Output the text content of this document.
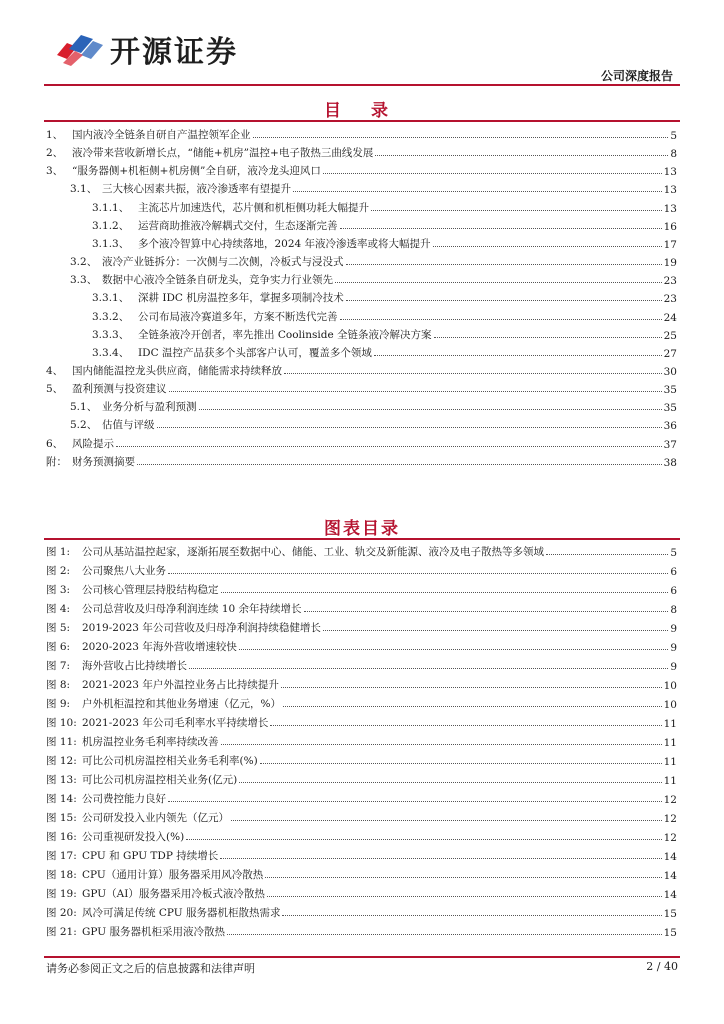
开源证券
公司深度报告
目 录
1、 国内液冷全链条自研自产温控领军企业	5
2、 液冷带来营收新增长点，“储能+机房”温控+电子散热三曲线发展	8
3、 “服务器侧+机柜侧+机房侧”全自研，液冷龙头迎风口	13
3.1、 三大核心因素共振，液冷渗透率有望提升	13
3.1.1、 主流芯片加速迭代，芯片侧和机柜侧功耗大幅提升	13
3.1.2、 运营商助推液冷解耦式交付，生态逐渐完善	16
3.1.3、 多个液冷智算中心持续落地，2024 年液冷渗透率或将大幅提升	17
3.2、 液冷产业链拆分：一次侧与二次侧，冷板式与浸没式	19
3.3、 数据中心液冷全链条自研龙头，竞争实力行业领先	23
3.3.1、 深耕 IDC 机房温控多年，掌握多项制冷技术	23
3.3.2、 公司布局液冷赛道多年，方案不断迭代完善	24
3.3.3、 全链条液冷开创者，率先推出 Coolinside 全链条液冷解决方案	25
3.3.4、 IDC 温控产品获多个头部客户认可，覆盖多个领域	27
4、 国内储能温控龙头供应商，储能需求持续释放	30
5、 盈利预测与投资建议	35
5.1、 业务分析与盈利预测	35
5.2、 估值与评级	36
6、 风险提示	37
附： 财务预测摘要	38
图表目录
图 1:	公司从基站温控起家，逐渐拓展至数据中心、储能、工业、轨交及新能源、液冷及电子散热等多领域	5
图 2:	公司聚焦八大业务	6
图 3:	公司核心管理层持股结构稳定	6
图 4:	公司总营收及归母净利润连续 10 余年持续增长	8
图 5:	2019-2023 年公司营收及归母净利润持续稳健增长	9
图 6:	2020-2023 年海外营收增速较快	9
图 7:	海外营收占比持续增长	9
图 8:	2021-2023 年户外温控业务占比持续提升	10
图 9:	户外机柜温控和其他业务增速（亿元，%）	10
图 10: 2021-2023 年公司毛利率水平持续增长	11
图 11: 机房温控业务毛利率持续改善	11
图 12: 可比公司机房温控相关业务毛利率(%)	11
图 13: 可比公司机房温控相关业务(亿元)	11
图 14: 公司费控能力良好	12
图 15: 公司研发投入业内领先（亿元）	12
图 16: 公司重视研发投入(%)	12
图 17: CPU 和 GPU TDP 持续增长	14
图 18: CPU（通用计算）服务器采用风冷散热	14
图 19: GPU（AI）服务器采用冷板式液冷散热	14
图 20: 风冷可满足传统 CPU 服务器机柜散热需求	15
图 21: GPU 服务器机柜采用液冷散热	15
请务必参阅正文之后的信息披露和法律声明	2 / 40
